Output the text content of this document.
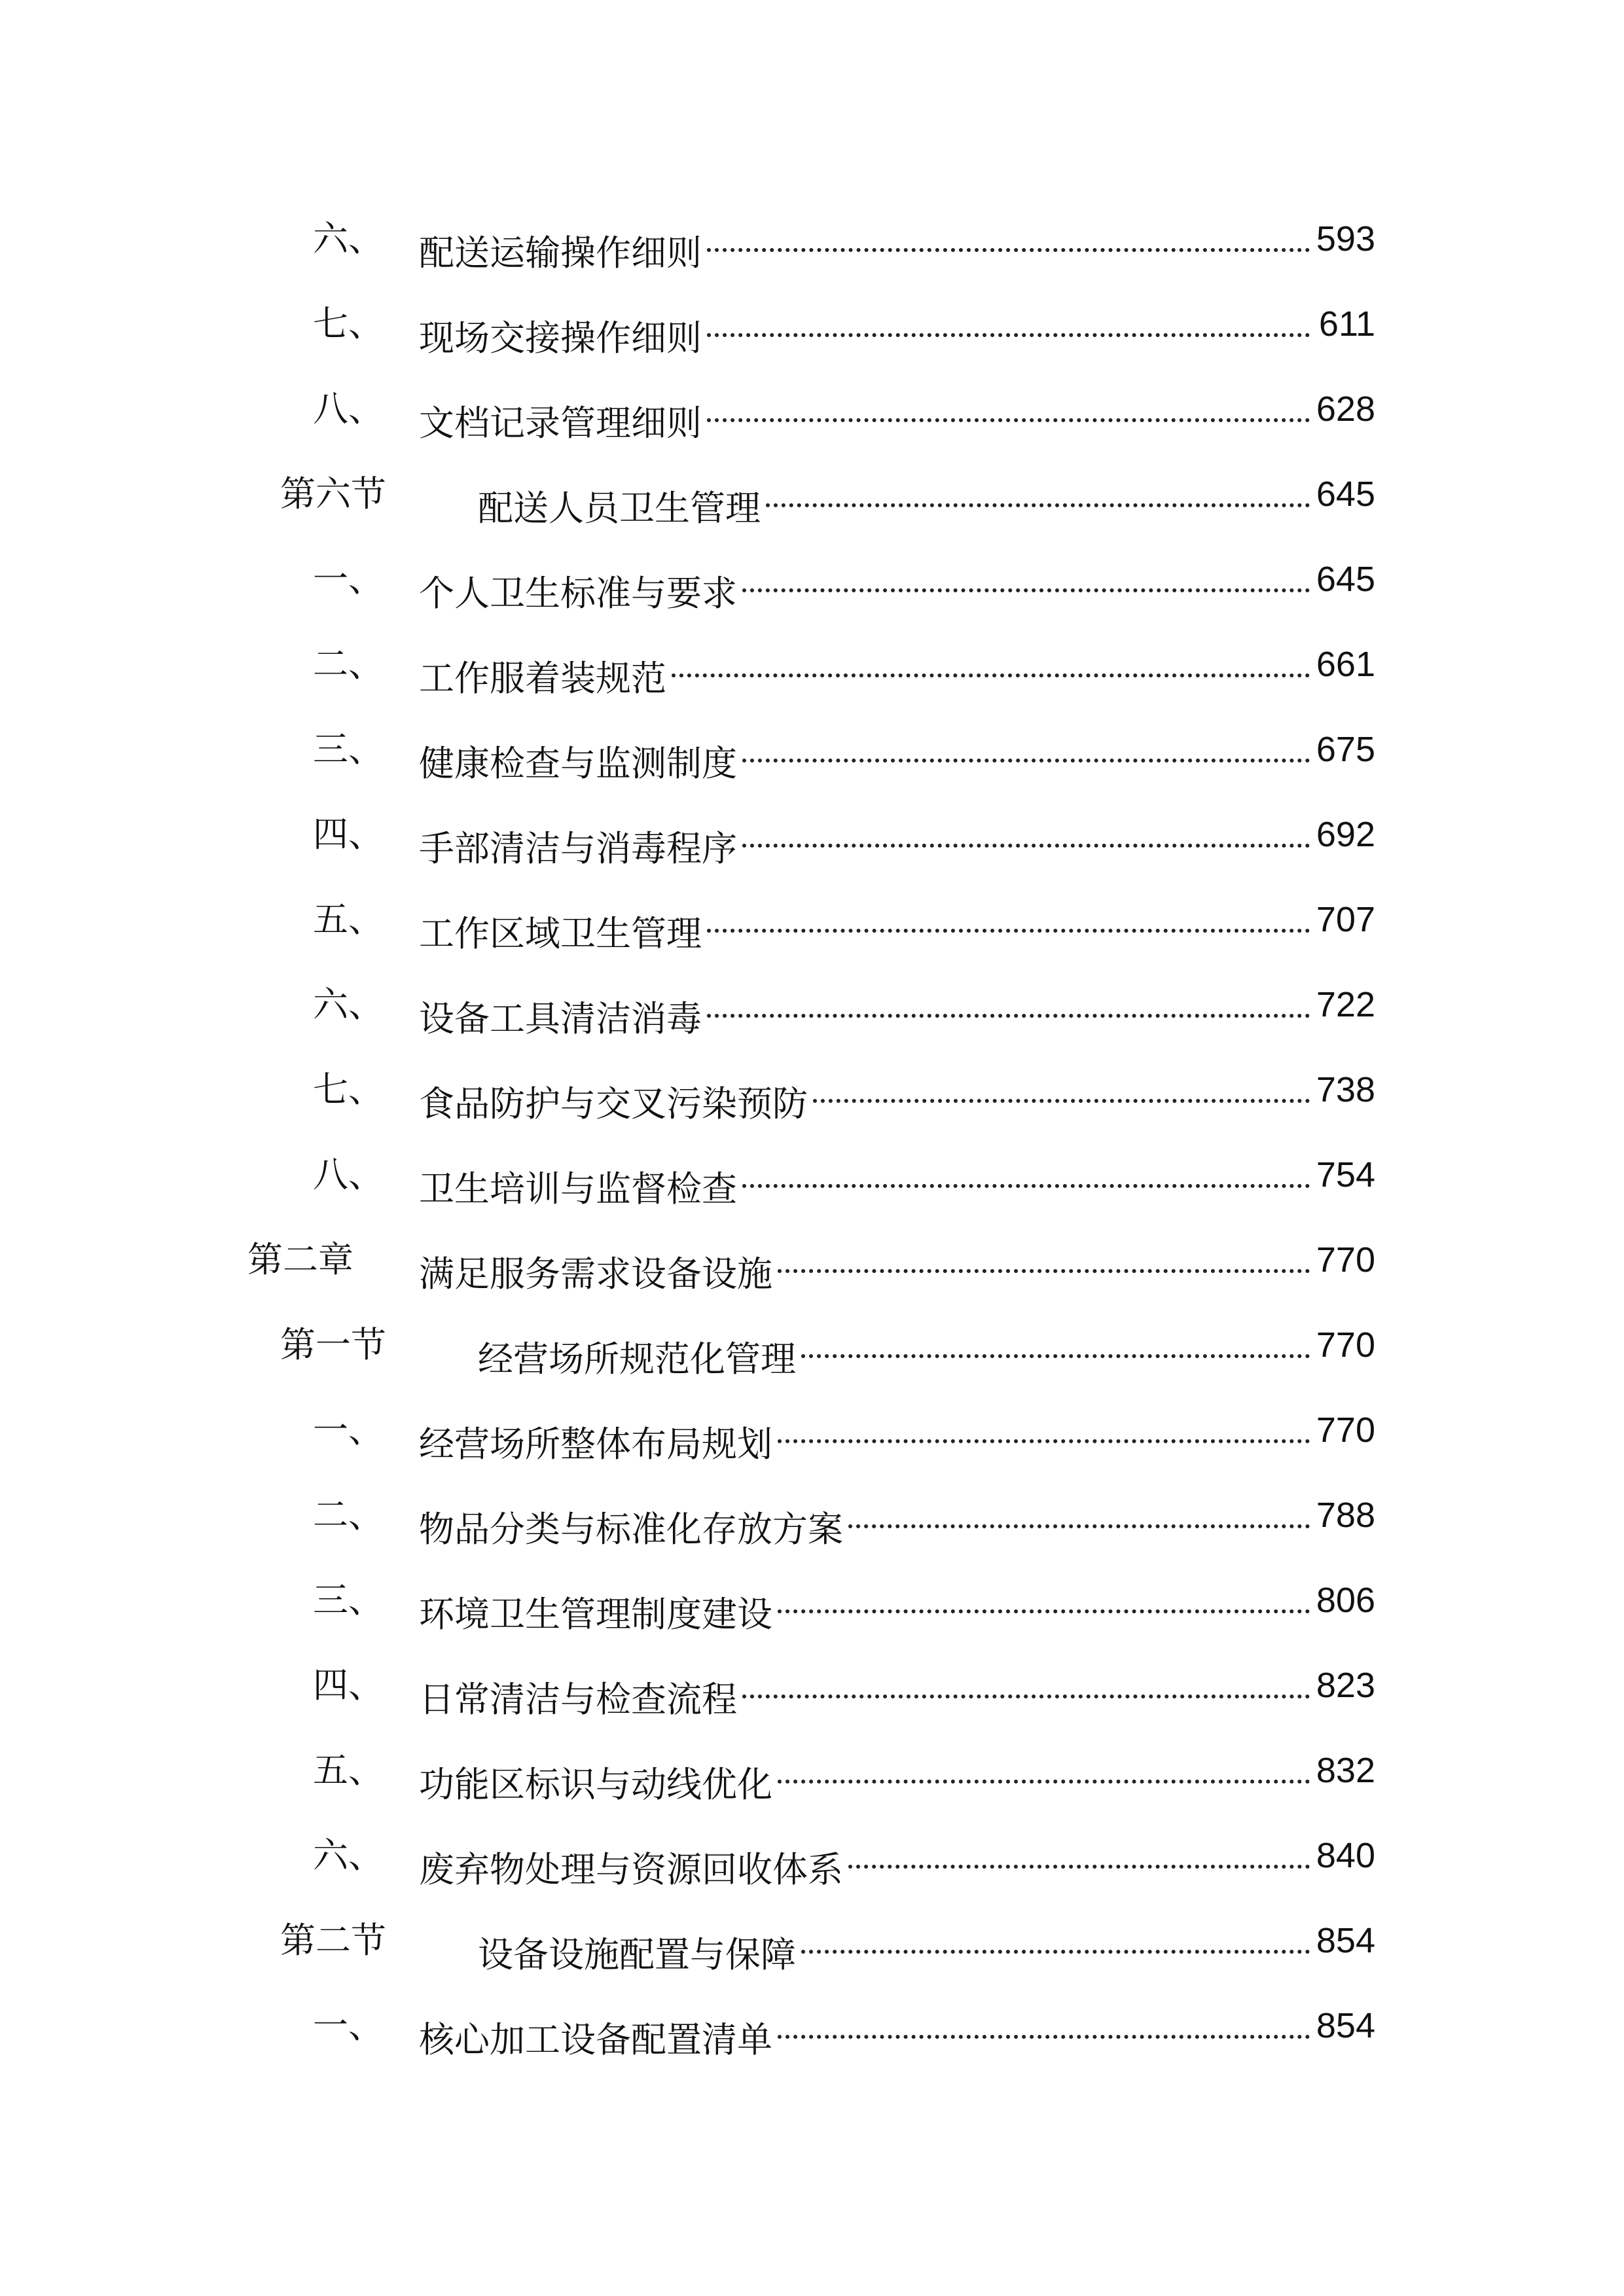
六、 配送运输操作细则	593
七、 现场交接操作细则	611
八、 文档记录管理细则	628
第六节	配送人员卫生管理	645
一、 个人卫生标准与要求	645
二、 工作服着装规范	661
三、 健康检查与监测制度	675
四、 手部清洁与消毒程序	692
五、 工作区域卫生管理	707
六、 设备工具清洁消毒	722
七、 食品防护与交叉污染预防	738
八、 卫生培训与监督检查	754
第二章 满足服务需求设备设施	770
第一节	经营场所规范化管理	770
一、 经营场所整体布局规划	770
二、 物品分类与标准化存放方案	788
三、 环境卫生管理制度建设	806
四、 日常清洁与检查流程	823
五、 功能区标识与动线优化	832
六、 废弃物处理与资源回收体系	840
第二节	设备设施配置与保障	854
一、 核心加工设备配置清单	854
